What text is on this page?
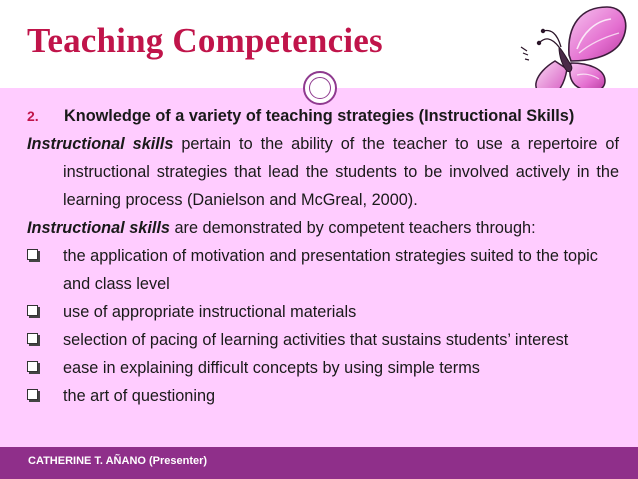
Teaching Competencies
2. Knowledge of a variety of teaching strategies (Instructional Skills)
Instructional skills pertain to the ability of the teacher to use a repertoire of instructional strategies that lead the students to be involved actively in the learning process (Danielson and McGreal, 2000).
Instructional skills are demonstrated by competent teachers through:
the application of motivation and presentation strategies suited to the topic and class level
use of appropriate instructional materials
selection of pacing of learning activities that sustains students’ interest
ease in explaining difficult concepts by using simple terms
the art of questioning
CATHERINE T. AÑANO (Presenter)
